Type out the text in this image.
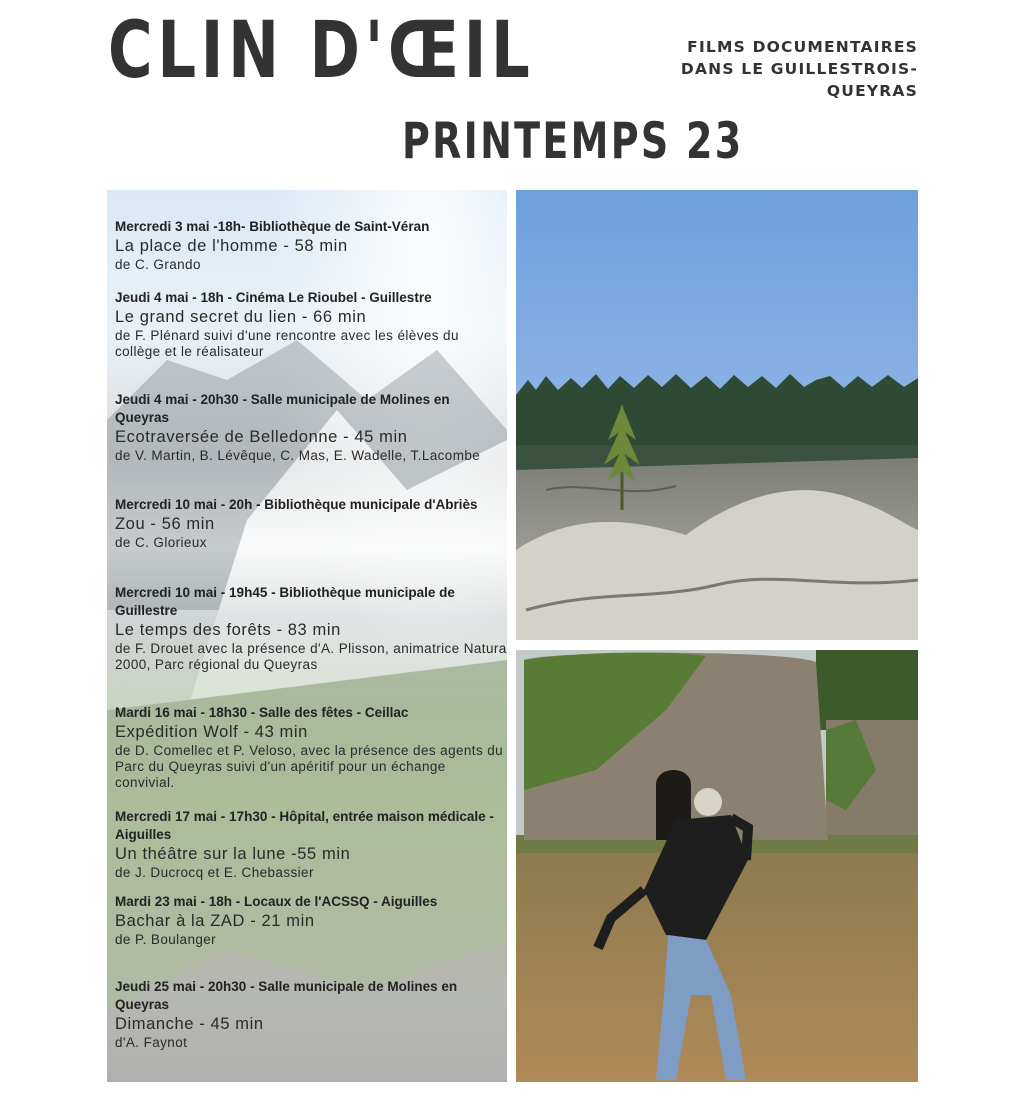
CLIN D'ŒIL
PRINTEMPS 23
FILMS DOCUMENTAIRES
DANS LE GUILLESTROIS-
QUEYRAS
Mercredi 3 mai -18h- Bibliothèque de Saint-Véran
La place de l'homme - 58 min
de C. Grando
Jeudi 4 mai - 18h - Cinéma Le Rioubel - Guillestre
Le grand secret du lien - 66 min
de F. Plénard suivi d'une rencontre avec les élèves du collège et le réalisateur
Jeudi 4 mai - 20h30 - Salle municipale de Molines en Queyras
Ecotraversée de Belledonne - 45 min
de V. Martin, B. Lévêque, C. Mas, E. Wadelle, T.Lacombe
Mercredi 10 mai - 20h - Bibliothèque municipale d'Abriès
Zou - 56 min
de C. Glorieux
Mercredi 10 mai - 19h45 - Bibliothèque municipale de Guillestre
Le temps des forêts - 83 min
de F. Drouet avec la présence d'A. Plisson, animatrice Natura 2000, Parc régional du Queyras
Mardi 16 mai - 18h30 - Salle des fêtes - Ceillac
Expédition Wolf - 43 min
de D. Comellec et P. Veloso, avec la présence des agents du Parc du Queyras suivi d'un apéritif pour un échange convivial.
Mercredi 17 mai - 17h30 - Hôpital, entrée maison médicale - Aiguilles
Un théâtre sur la lune -55 min
de J. Ducrocq et E. Chebassier
Mardi 23 mai - 18h - Locaux de l'ACSSQ - Aiguilles
Bachar à la ZAD - 21 min
de P. Boulanger
Jeudi 25 mai - 20h30 - Salle municipale de Molines en Queyras
Dimanche - 45 min
d'A. Faynot
